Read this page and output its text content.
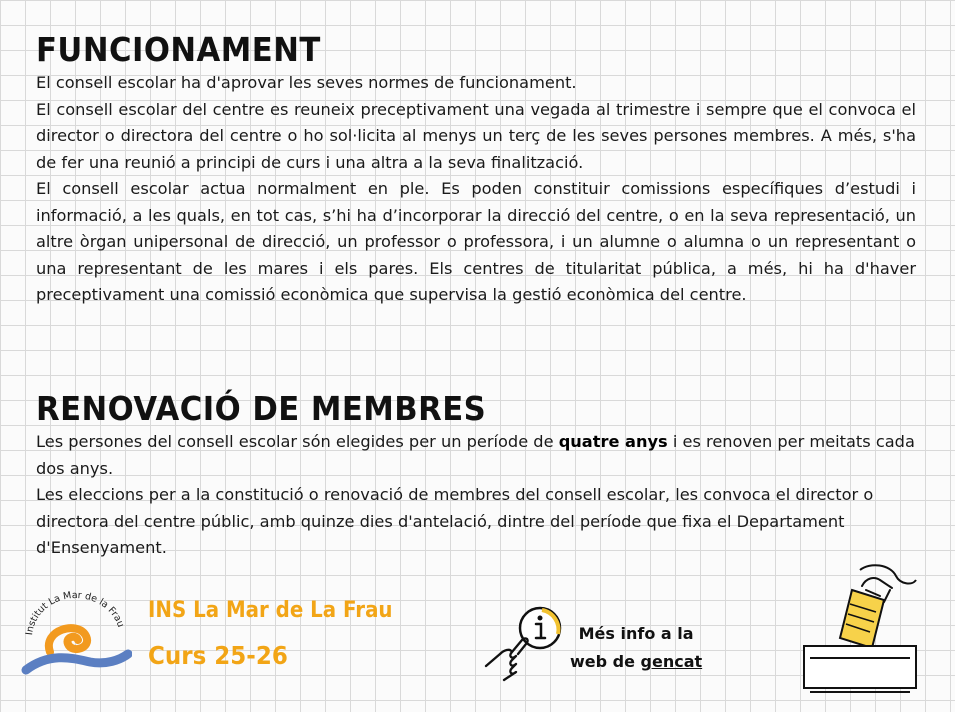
FUNCIONAMENT

El consell escolar ha d'aprovar les seves normes de funcionament.

El consell escolar del centre es reuneix preceptivament una vegada al trimestre i sempre que el convoca el director o directora del centre o ho sol·licita al menys un terç de les seves persones membres. A més, s'ha de fer una reunió a principi de curs i una altra a la seva finalització.

El consell escolar actua normalment en ple. Es poden constituir comissions específiques d’estudi i informació, a les quals, en tot cas, s’hi ha d’incorporar la direcció del centre, o en la seva representació, un altre òrgan unipersonal de direcció, un professor o professora, i un alumne o alumna o un representant o una representant de les mares i els pares. Els centres de titularitat pública, a més, hi ha d'haver preceptivament una comissió econòmica que supervisa la gestió econòmica del centre.

RENOVACIÓ DE MEMBRES

Les persones del consell escolar són elegides per un període de quatre anys i es renoven per meitats cada dos anys.

Les eleccions per a la constitució o renovació de membres del consell escolar, les convoca el director o directora del centre públic, amb quinze dies d'antelació, dintre del període que fixa el Departament d'Ensenyament.

Institut La Mar de la Frau
INS La Mar de La Frau
Curs 25-26
Més info a la
web de gencat
